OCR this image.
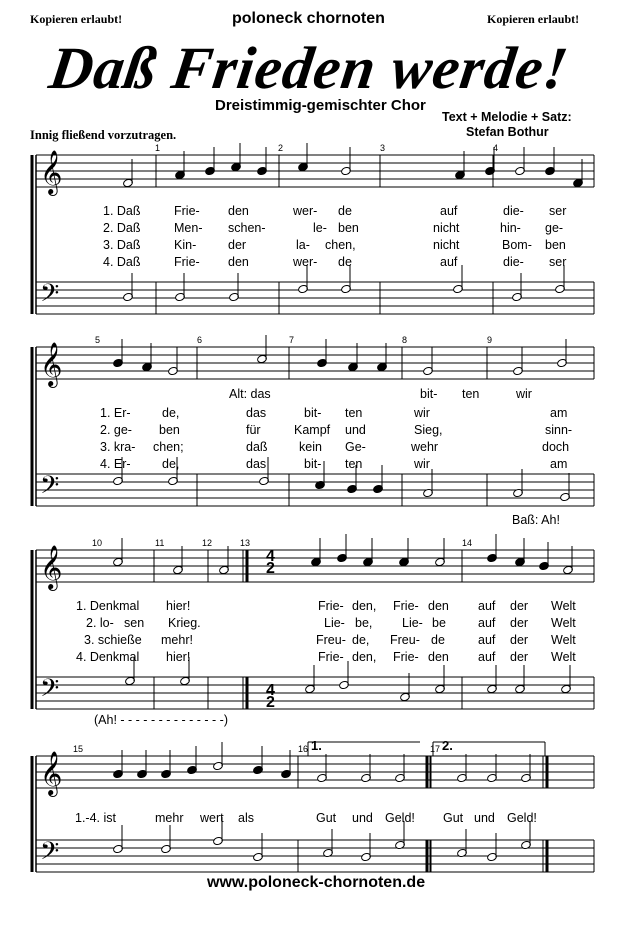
Kopieren erlaubt!	poloneck chornoten	Kopieren erlaubt!
Daß Frieden werde!
Dreistimmig-gemischter Chor
Text + Melodie + Satz:
Stefan Bothur
Innig fließend vorzutragen.
𝄞
𝄢
𝄞
𝄢
𝄞
𝄢
𝄞
𝄢
1	2	3	4
5	6	7	8	9
10	11	12	13	14
15	16	17
1. Daß	Frie- den	wer- de	auf	die- ser
2. Daß	Men- schen-	le- ben	nicht	hin- ge-
3. Daß	Kin-	der	la- chen,	nicht	Bom- ben
4. Daß	Frie- den	wer- de	auf	die- ser
Alt: das	bit- ten	wir
Baß: Ah!
1. Er-	de,	das	bit- ten	wir	am
2. ge- ben	für	Kampf und	Sieg,	sinn-
3. kra- chen;	daß	kein Ge-	wehr	doch
4. Er-	de,	das	bit- ten	wir	am
1. Denkmal hier!	Frie- den, Frie- den auf der Welt
2. lo- sen Krieg.	Lie- be, Lie- be	auf der Welt
3. schieße mehr!	Freu- de, Freu- de	auf der Welt
4. Denkmal hier!	Frie- den, Frie- den auf der Welt
(Ah! - - - - - - - - - - - - - -)
4
2
4
2
1.	2.
1.-4. ist	mehr wert als	Gut und Geld! Gut und Geld!
www.poloneck-chornoten.de
